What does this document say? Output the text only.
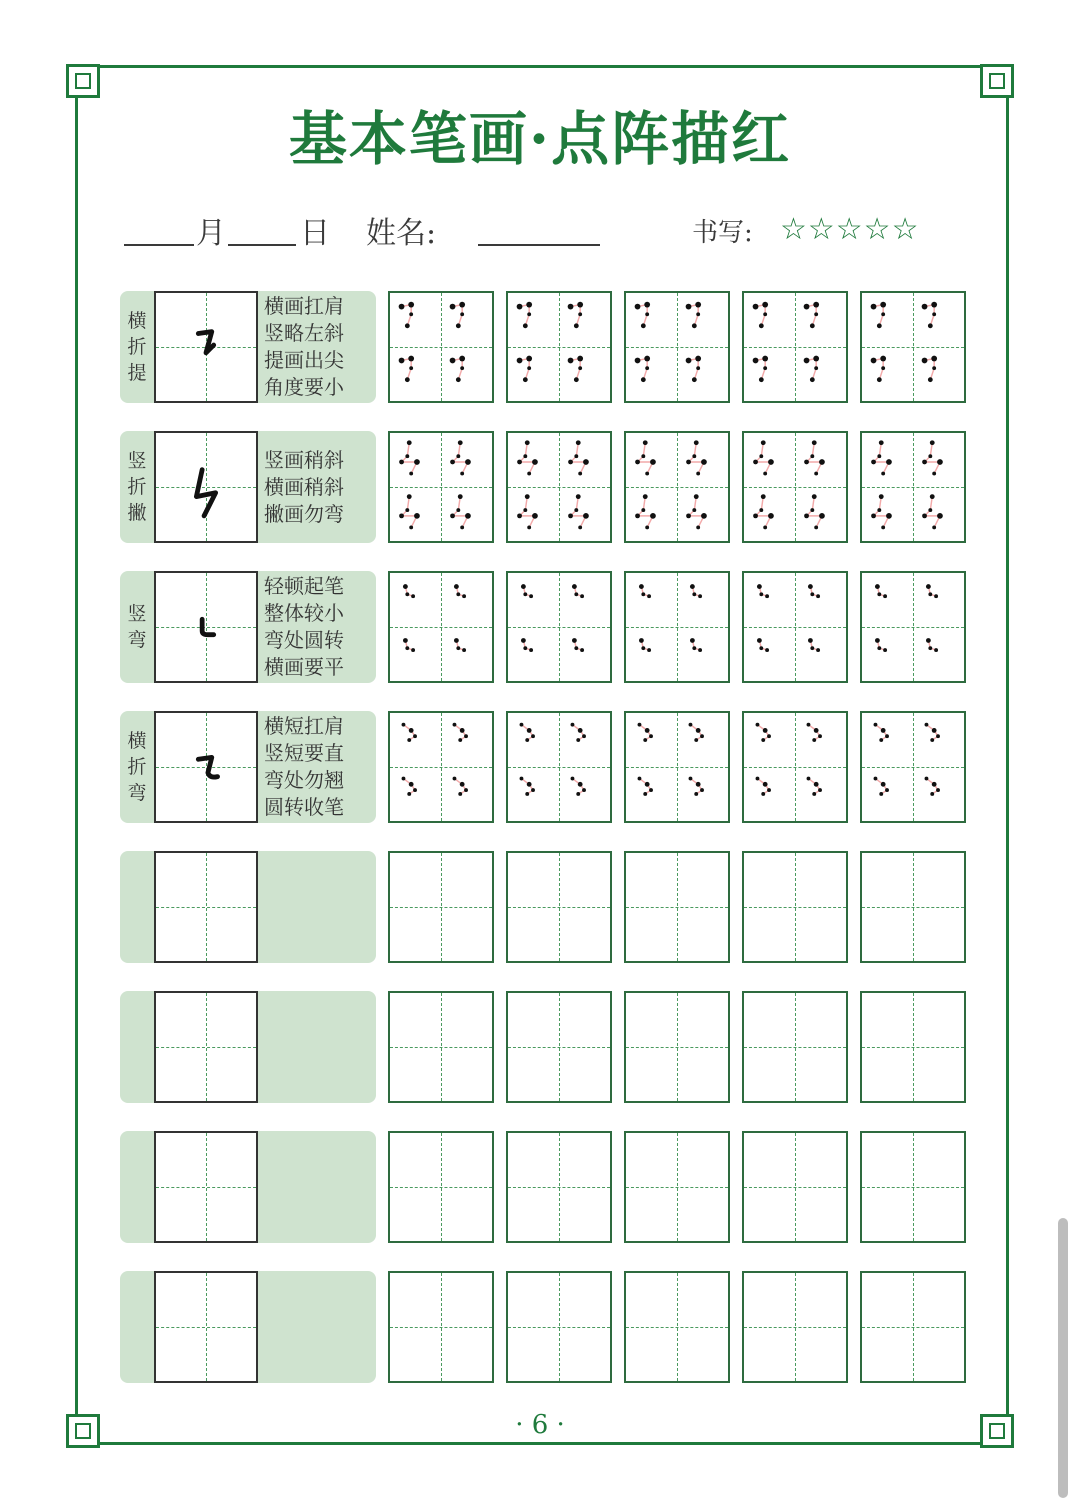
基本笔画·点阵描红
月 日 姓名:	书写: ☆☆☆☆☆
横
折
提
横画扛肩
竖略左斜
提画出尖
角度要小
竖
折
撇
竖画稍斜
横画稍斜
撇画勿弯
竖
弯
轻顿起笔
整体较小
弯处圆转
横画要平
横
折
弯
横短扛肩
竖短要直
弯处勿翘
圆转收笔
· 6 ·
